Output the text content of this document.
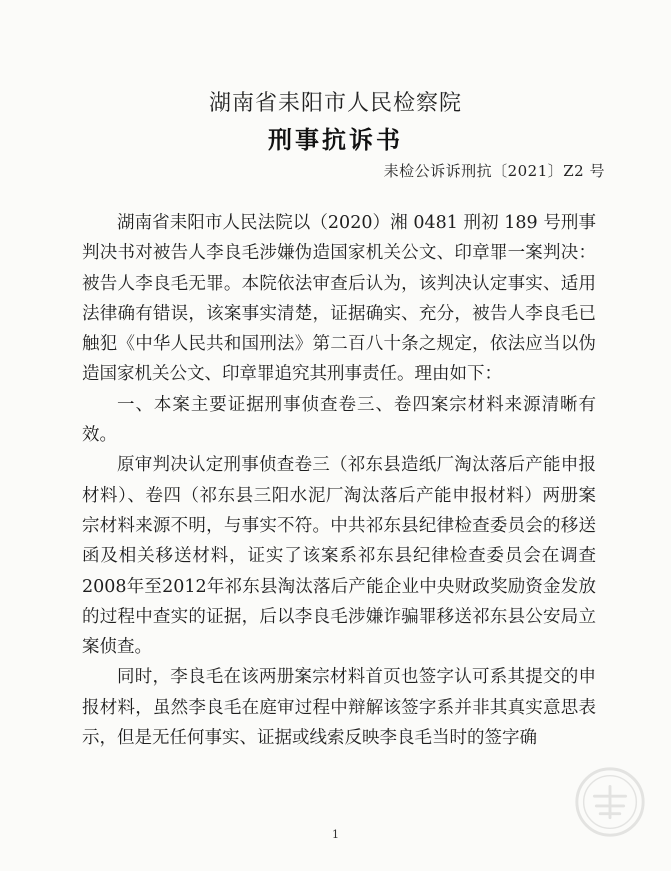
湖南省耒阳市人民检察院
刑事抗诉书
耒检公诉诉刑抗〔2021〕Z2 号

湖南省耒阳市人民法院以（2020）湘 0481 刑初 189 号刑事判决书对被告人李良毛涉嫌伪造国家机关公文、印章罪一案判决：被告人李良毛无罪。本院依法审查后认为，该判决认定事实、适用法律确有错误，该案事实清楚，证据确实、充分，被告人李良毛已触犯《中华人民共和国刑法》第二百八十条之规定，依法应当以伪造国家机关公文、印章罪追究其刑事责任。理由如下：

一、本案主要证据刑事侦查卷三、卷四案宗材料来源清晰有效。

原审判决认定刑事侦查卷三（祁东县造纸厂淘汰落后产能申报材料）、卷四（祁东县三阳水泥厂淘汰落后产能申报材料）两册案宗材料来源不明，与事实不符。中共祁东县纪律检查委员会的移送函及相关移送材料，证实了该案系祁东县纪律检查委员会在调查2008年至2012年祁东县淘汰落后产能企业中央财政奖励资金发放的过程中查实的证据，后以李良毛涉嫌诈骗罪移送祁东县公安局立案侦查。

同时，李良毛在该两册案宗材料首页也签字认可系其提交的申报材料，虽然李良毛在庭审过程中辩解该签字系并非其真实意思表示，但是无任何事实、证据或线索反映李良毛当时的签字确

1
